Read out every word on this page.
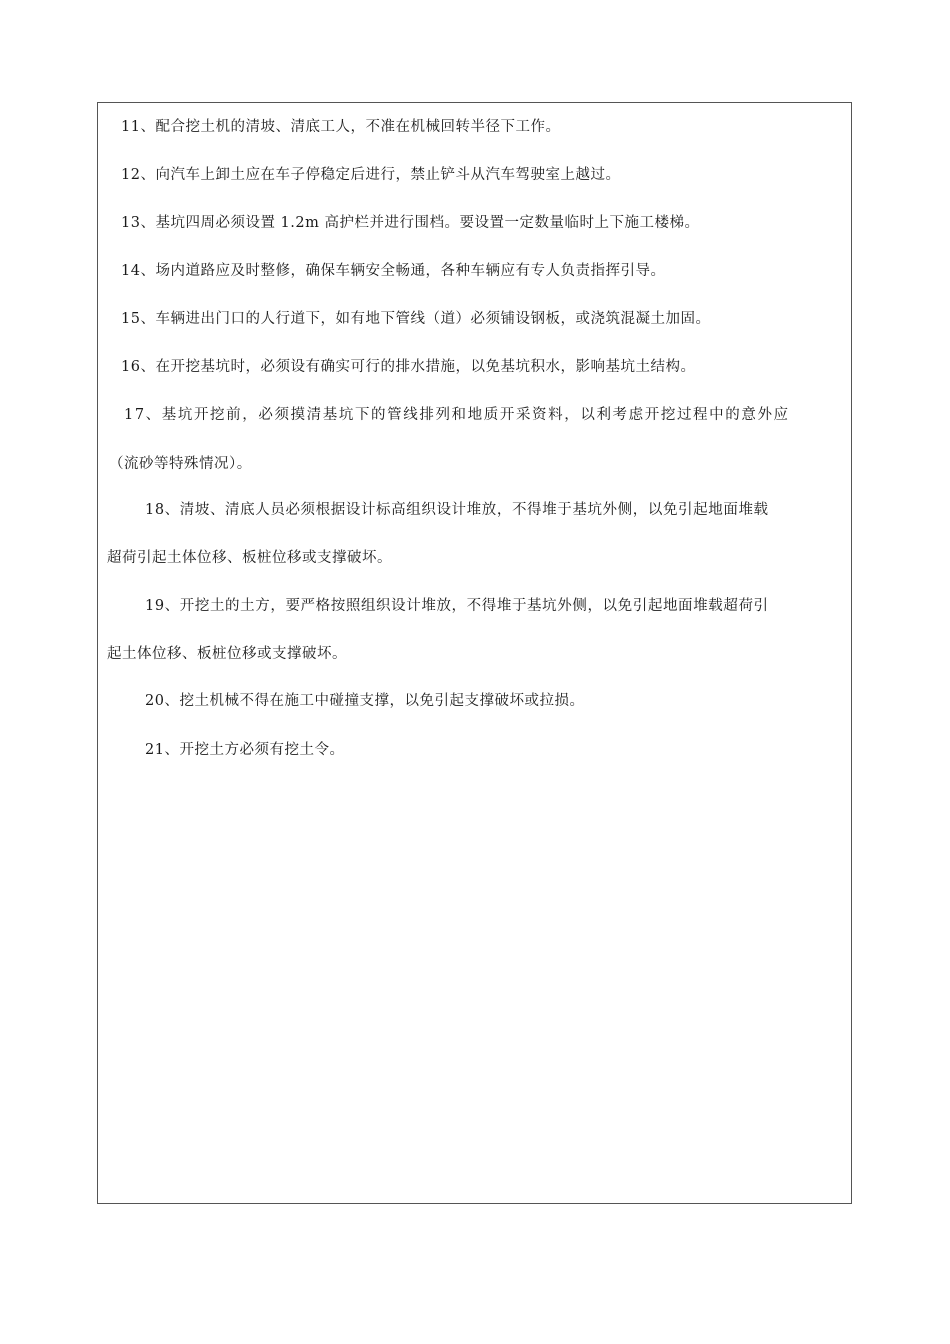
11、配合挖土机的清坡、清底工人，不准在机械回转半径下工作。
12、向汽车上卸土应在车子停稳定后进行，禁止铲斗从汽车驾驶室上越过。
13、基坑四周必须设置 1.2m 高护栏并进行围档。要设置一定数量临时上下施工楼梯。
14、场内道路应及时整修，确保车辆安全畅通，各种车辆应有专人负责指挥引导。
15、车辆进出门口的人行道下，如有地下管线（道）必须铺设钢板，或浇筑混凝土加固。
16、在开挖基坑时，必须设有确实可行的排水措施，以免基坑积水，影响基坑土结构。
17、基坑开挖前，必须摸清基坑下的管线排列和地质开采资料，以利考虑开挖过程中的意外应
（流砂等特殊情况）。
18、清坡、清底人员必须根据设计标高组织设计堆放，不得堆于基坑外侧，以免引起地面堆载
超荷引起土体位移、板桩位移或支撑破坏。
19、开挖土的土方，要严格按照组织设计堆放，不得堆于基坑外侧，以免引起地面堆载超荷引
起土体位移、板桩位移或支撑破坏。
20、挖土机械不得在施工中碰撞支撑，以免引起支撑破坏或拉损。
21、开挖土方必须有挖土令。
